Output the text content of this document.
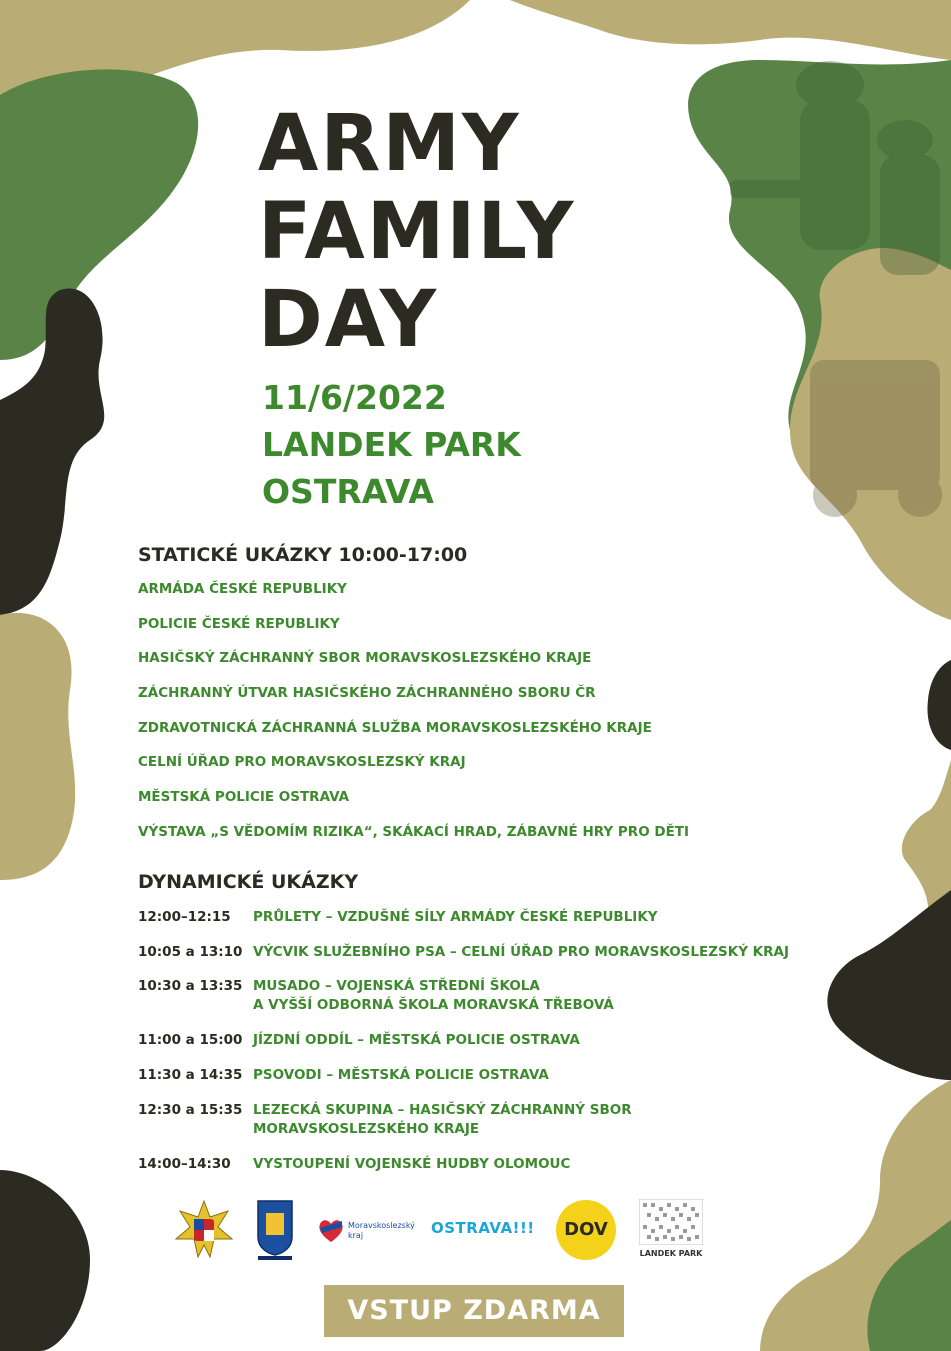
ARMY
FAMILY
DAY
11/6/2022
LANDEK PARK
OSTRAVA
STATICKÉ UKÁZKY 10:00-17:00
ARMÁDA ČESKÉ REPUBLIKY
POLICIE ČESKÉ REPUBLIKY
HASIČSKÝ ZÁCHRANNÝ SBOR MORAVSKOSLEZSKÉHO KRAJE
ZÁCHRANNÝ ÚTVAR HASIČSKÉHO ZÁCHRANNÉHO SBORU ČR
ZDRAVOTNICKÁ ZÁCHRANNÁ SLUŽBA MORAVSKOSLEZSKÉHO KRAJE
CELNÍ ÚŘAD PRO MORAVSKOSLEZSKÝ KRAJ
MĚSTSKÁ POLICIE OSTRAVA
VÝSTAVA „S VĚDOMÍM RIZIKA“, SKÁKACÍ HRAD, ZÁBAVNÉ HRY PRO DĚTI
DYNAMICKÉ UKÁZKY
12:00–12:15	PRŮLETY – VZDUŠNÉ SÍLY ARMÁDY ČESKÉ REPUBLIKY
10:05 a 13:10 VÝCVIK SLUŽEBNÍHO PSA – CELNÍ ÚŘAD PRO MORAVSKOSLEZSKÝ KRAJ
10:30 a 13:35 MUSADO – VOJENSKÁ STŘEDNÍ ŠKOLA
A VYŠŠÍ ODBORNÁ ŠKOLA MORAVSKÁ TŘEBOVÁ
11:00 a 15:00 JÍZDNÍ ODDÍL – MĚSTSKÁ POLICIE OSTRAVA
11:30 a 14:35 PSOVODI – MĚSTSKÁ POLICIE OSTRAVA
12:30 a 15:35 LEZECKÁ SKUPINA – HASIČSKÝ ZÁCHRANNÝ SBOR
MORAVSKOSLEZSKÉHO KRAJE
14:00–14:30	VYSTOUPENÍ VOJENSKÉ HUDBY OLOMOUC
Moravskoslezský
kraj	OSTRAVA!!!	DOV
LANDEK PARK
VSTUP ZDARMA
